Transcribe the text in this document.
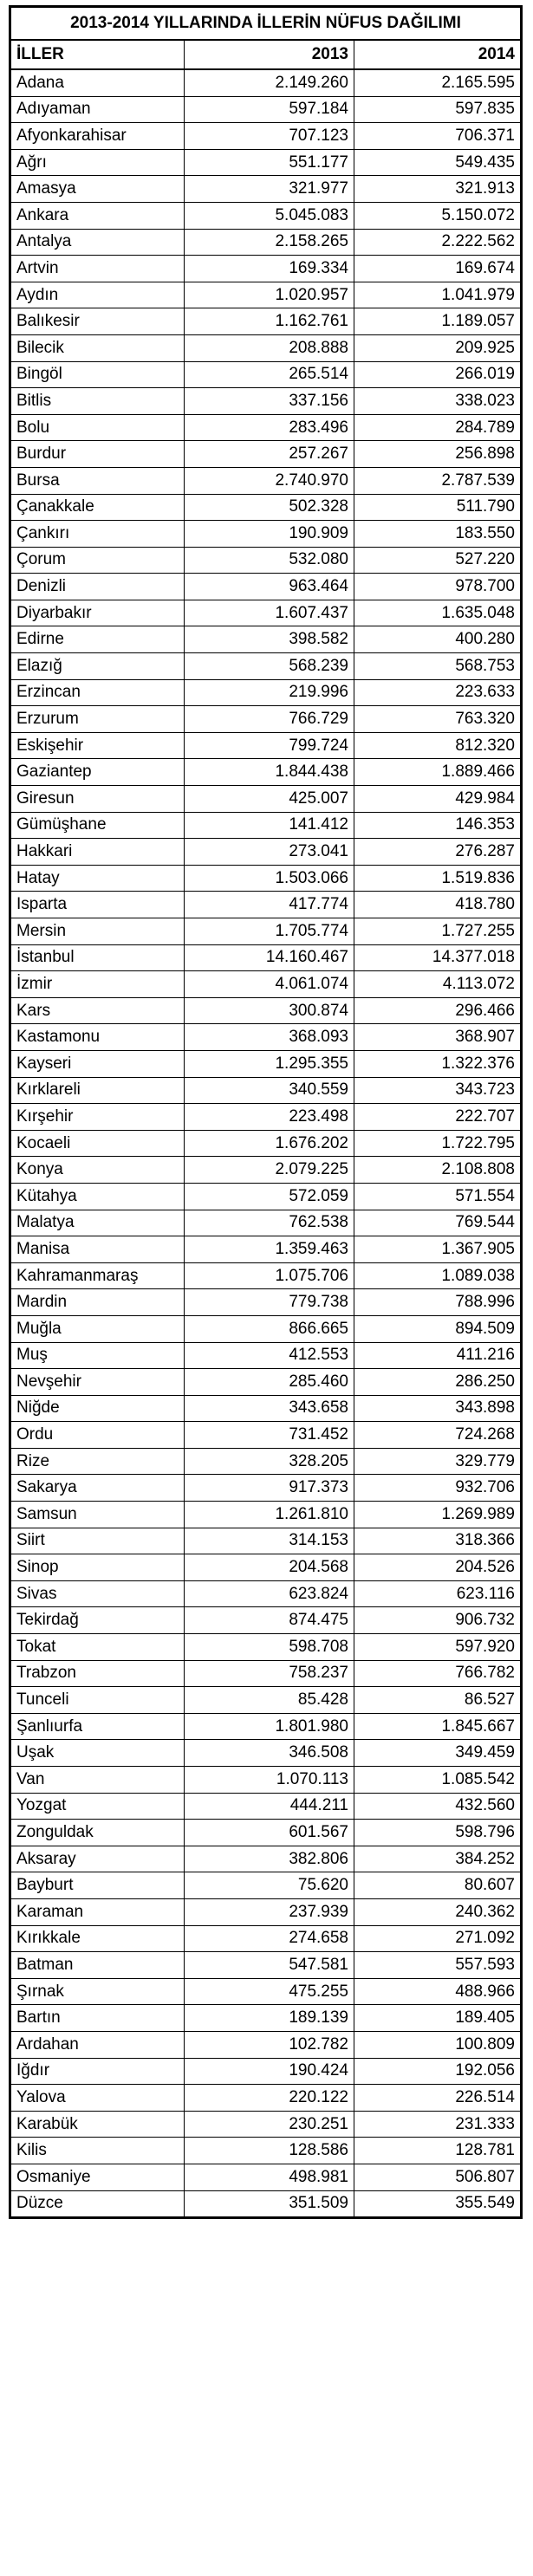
2013-2014 YILLARINDA İLLERİN NÜFUS DAĞILIMI		
İLLER	2013	2014
Adana	2.149.260	2.165.595
Adıyaman	597.184	597.835
Afyonkarahisar	707.123	706.371
Ağrı	551.177	549.435
Amasya	321.977	321.913
Ankara	5.045.083	5.150.072
Antalya	2.158.265	2.222.562
Artvin	169.334	169.674
Aydın	1.020.957	1.041.979
Balıkesir	1.162.761	1.189.057
Bilecik	208.888	209.925
Bingöl	265.514	266.019
Bitlis	337.156	338.023
Bolu	283.496	284.789
Burdur	257.267	256.898
Bursa	2.740.970	2.787.539
Çanakkale	502.328	511.790
Çankırı	190.909	183.550
Çorum	532.080	527.220
Denizli	963.464	978.700
Diyarbakır	1.607.437	1.635.048
Edirne	398.582	400.280
Elazığ	568.239	568.753
Erzincan	219.996	223.633
Erzurum	766.729	763.320
Eskişehir	799.724	812.320
Gaziantep	1.844.438	1.889.466
Giresun	425.007	429.984
Gümüşhane	141.412	146.353
Hakkari	273.041	276.287
Hatay	1.503.066	1.519.836
Isparta	417.774	418.780
Mersin	1.705.774	1.727.255
İstanbul	14.160.467	14.377.018
İzmir	4.061.074	4.113.072
Kars	300.874	296.466
Kastamonu	368.093	368.907
Kayseri	1.295.355	1.322.376
Kırklareli	340.559	343.723
Kırşehir	223.498	222.707
Kocaeli	1.676.202	1.722.795
Konya	2.079.225	2.108.808
Kütahya	572.059	571.554
Malatya	762.538	769.544
Manisa	1.359.463	1.367.905
Kahramanmaraş	1.075.706	1.089.038
Mardin	779.738	788.996
Muğla	866.665	894.509
Muş	412.553	411.216
Nevşehir	285.460	286.250
Niğde	343.658	343.898
Ordu	731.452	724.268
Rize	328.205	329.779
Sakarya	917.373	932.706
Samsun	1.261.810	1.269.989
Siirt	314.153	318.366
Sinop	204.568	204.526
Sivas	623.824	623.116
Tekirdağ	874.475	906.732
Tokat	598.708	597.920
Trabzon	758.237	766.782
Tunceli	85.428	86.527
Şanlıurfa	1.801.980	1.845.667
Uşak	346.508	349.459
Van	1.070.113	1.085.542
Yozgat	444.211	432.560
Zonguldak	601.567	598.796
Aksaray	382.806	384.252
Bayburt	75.620	80.607
Karaman	237.939	240.362
Kırıkkale	274.658	271.092
Batman	547.581	557.593
Şırnak	475.255	488.966
Bartın	189.139	189.405
Ardahan	102.782	100.809
Iğdır	190.424	192.056
Yalova	220.122	226.514
Karabük	230.251	231.333
Kilis	128.586	128.781
Osmaniye	498.981	506.807
Düzce	351.509	355.549
